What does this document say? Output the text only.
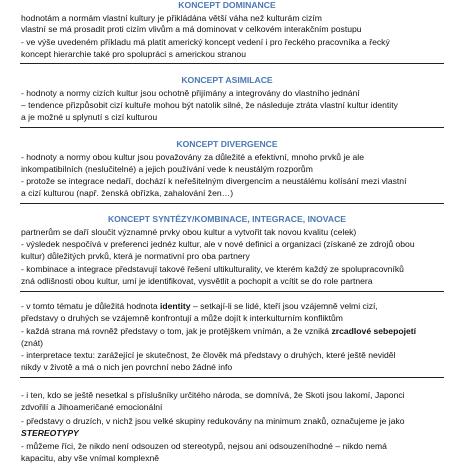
KONCEPT DOMINANCE
hodnotám a normám vlastní kultury je přikládána větší váha než kulturám cizím
vlastní se má prosadit proti cizím vlivům a má dominovat v celkovém interakčním postupu
- ve výše uvedeném příkladu má platit americký koncept vedení i pro řeckého pracovníka a řecký
koncept hierarchie také pro spolupráci s americkou stranou
KONCEPT ASIMILACE
- hodnoty a normy cizích kultur jsou ochotně přijímány a integrovány do vlastního jednání
– tendence přizpůsobit cizí kultuře mohou být natolik silné, že následuje ztráta vlastní kultur identity
a je možné u splynutí s cizí kulturou
KONCEPT DIVERGENCE
- hodnoty a normy obou kultur jsou považovány za důležité a efektivní, mnoho prvků je ale
inkompatibilních (neslučitelné) a jejich používání vede k neustálým rozporům
- protože se integrace nedaří, dochází k neřešitelným divergencím a neustálému kolísání mezi vlastní
a cizí kulturou (např. ženská obřízka, zahalování žen…)
KONCEPT SYNTÉZY/KOMBINACE, INTEGRACE, INOVACE
partnerům se daří sloučit významné prvky obou kultur a vytvořit tak novou kvalitu (celek)
- výsledek nespočívá v preferenci jednéz kultur, ale v nové definici a organizaci (získané ze zdrojů obou
kultur) důležitých prvků, která je normativní pro oba partnery
- kombinace a integrace představují takové řešení ultikulturality, ve kterém každý ze spolupracovníků
zná odlišnosti obou kultur, umí je identifikovat, vysvětlit a pochopit a vcítit se do role partnera
- v tomto tématu je důležitá hodnota identity – setkají-li se lidé, kteří jsou vzájemně velmi cizí,
představy o druhých se vzájemně konfrontují a může dojít k interkulturním konfliktům
- každá strana má rovněž představy o tom, jak je protějškem vnímán, a že vzniká zrcadlové sebepojetí
(znát)
- interpretace textu: zarážející je skutečnost, že člověk má představy o druhých, které ještě neviděl
nikdy v životě a má o nich jen povrchní nebo žádné info
- i ten, kdo se ještě nesetkal s příslušníky určitého národa, se domnívá, že Skoti jsou lakomí, Japonci
zdvořilí a Jihoameričané emocionální
- představy o druzích, v nichž jsou velké skupiny redukovány na minimum znaků, označujeme je jako
STEREOTYPY
- můžeme říci, že nikdo není odsouzen od stereotypů, nejsou ani odsouzeníhodné – nikdo nemá
kapacitu, aby vše vnímal komplexně
